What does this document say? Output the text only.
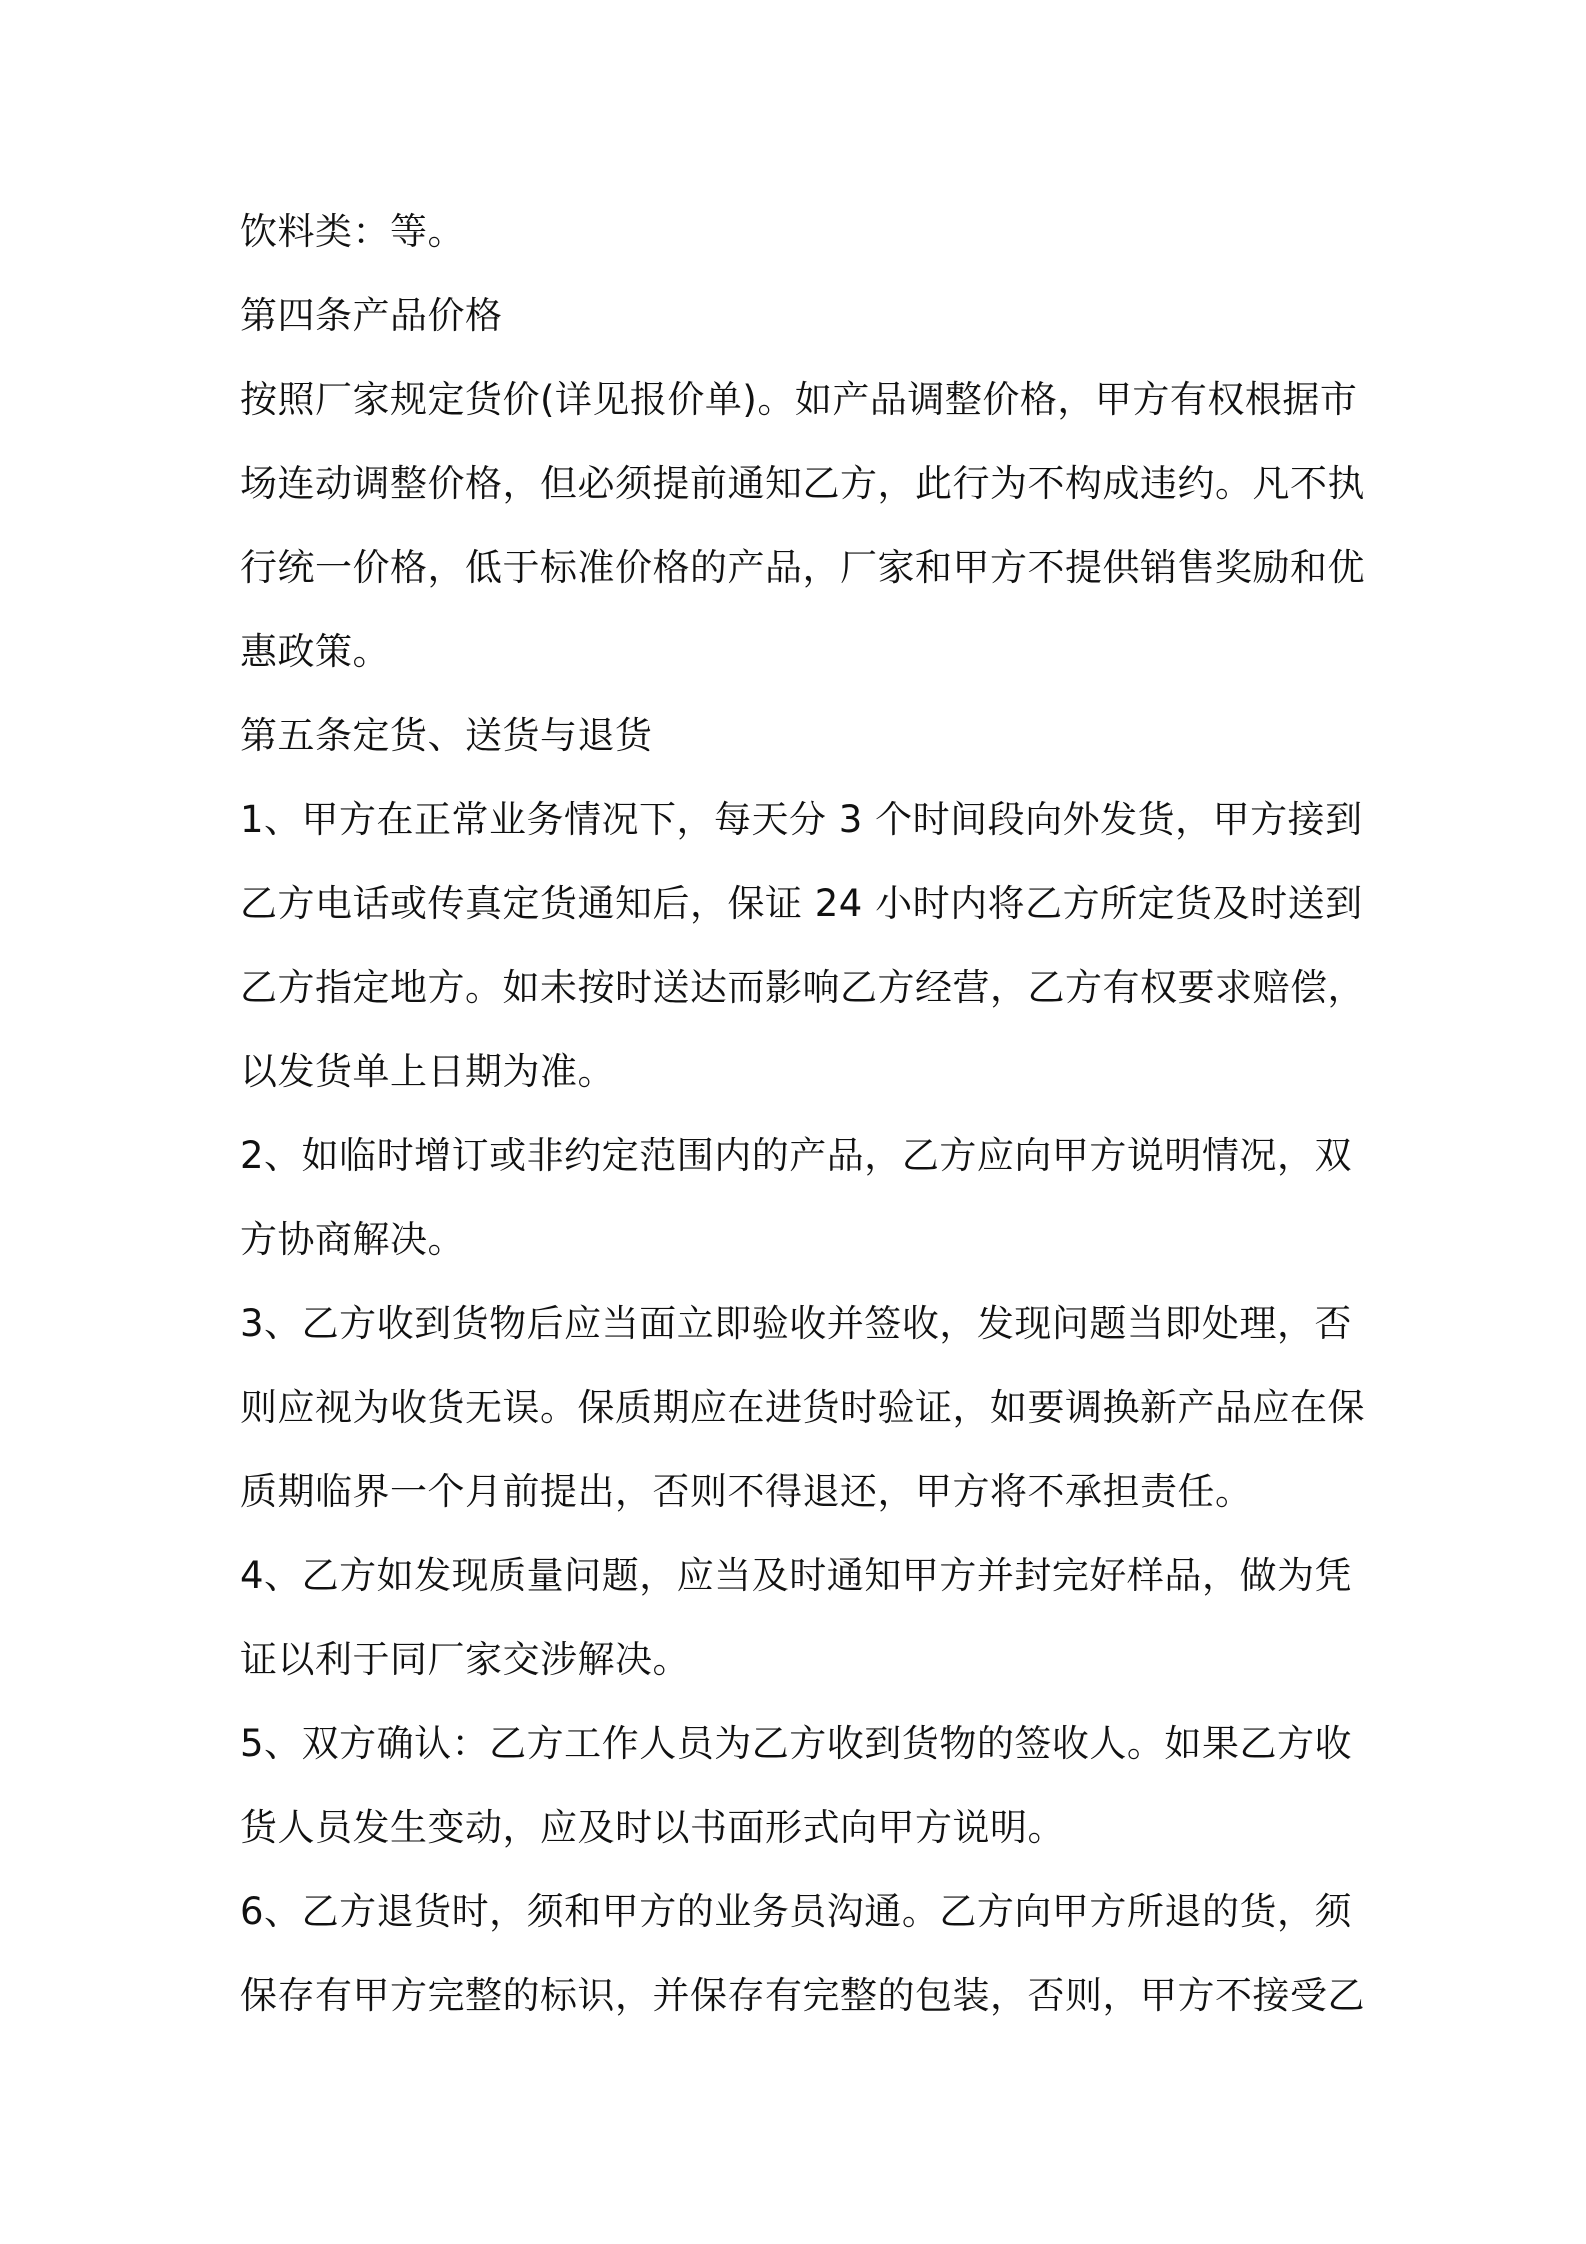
饮料类：等。

第四条产品价格

按照厂家规定货价(详见报价单)。如产品调整价格，甲方有权根据市

场连动调整价格，但必须提前通知乙方，此行为不构成违约。凡不执

行统一价格，低于标准价格的产品，厂家和甲方不提供销售奖励和优

惠政策。

第五条定货、送货与退货

1、甲方在正常业务情况下，每天分 3 个时间段向外发货，甲方接到

乙方电话或传真定货通知后，保证 24 小时内将乙方所定货及时送到

乙方指定地方。如未按时送达而影响乙方经营，乙方有权要求赔偿，

以发货单上日期为准。

2、如临时增订或非约定范围内的产品，乙方应向甲方说明情况，双

方协商解决。

3、乙方收到货物后应当面立即验收并签收，发现问题当即处理，否

则应视为收货无误。保质期应在进货时验证，如要调换新产品应在保

质期临界一个月前提出，否则不得退还，甲方将不承担责任。

4、乙方如发现质量问题，应当及时通知甲方并封完好样品，做为凭

证以利于同厂家交涉解决。

5、双方确认：乙方工作人员为乙方收到货物的签收人。如果乙方收

货人员发生变动，应及时以书面形式向甲方说明。

6、乙方退货时，须和甲方的业务员沟通。乙方向甲方所退的货，须

保存有甲方完整的标识，并保存有完整的包装，否则，甲方不接受乙
